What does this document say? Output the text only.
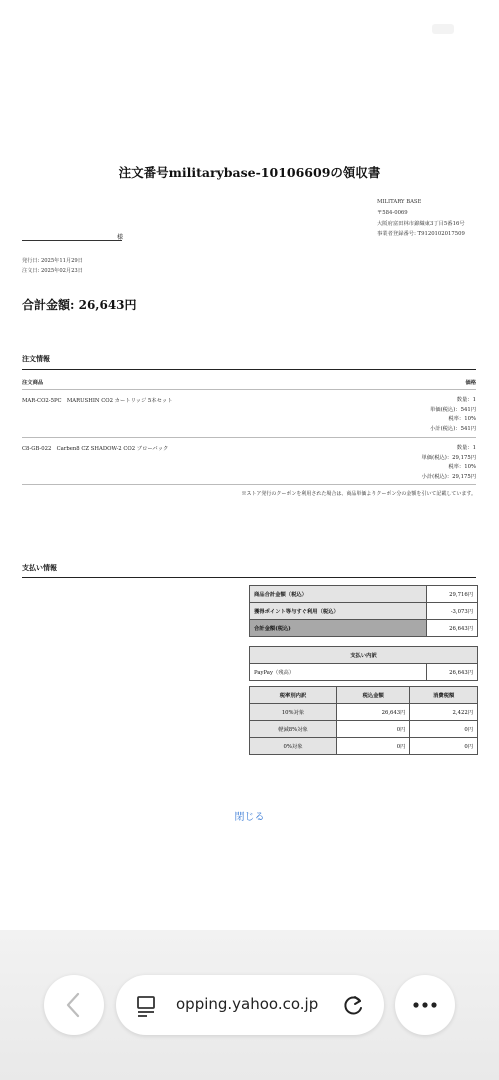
注文番号militarybase-10106609の領収書
MILITARY BASE
〒584-0069
大阪府富田林市錦織東3丁目5番16号
事業者登録番号: T9120102017509
様
発行日: 2025年11月29日
注文日: 2025年02月23日
合計金額: 26,643円
注文情報
注文商品	価格
MAR-CO2-5PC　MARUSHIN CO2 カートリッジ 5本セット	数量：1
単価(税込)：541円
税率：10%
小計(税込)：541円
C8-GB-022　Carben8 CZ SHADOW-2 CO2 ブローバック	数量：1
単価(税込)：29,175円
税率：10%
小計(税込)：29,175円
※ストア発行のクーポンを利用された場合は、商品単価よりクーポン分の金額を引いて記載しています。
支払い情報
商品合計金額（税込）	29,716円
獲得ポイント等与すぐ利用（税込）	-3,073円
合計金額(税込)	26,643円
支払い内訳
PayPay（残高）	26,643円
税率別内訳	税込金額	消費税額
10%対象	26,643円	2,422円
軽減8%対象	0円	0円
0%対象	0円	0円
閉じる
opping.yahoo.co.jp
